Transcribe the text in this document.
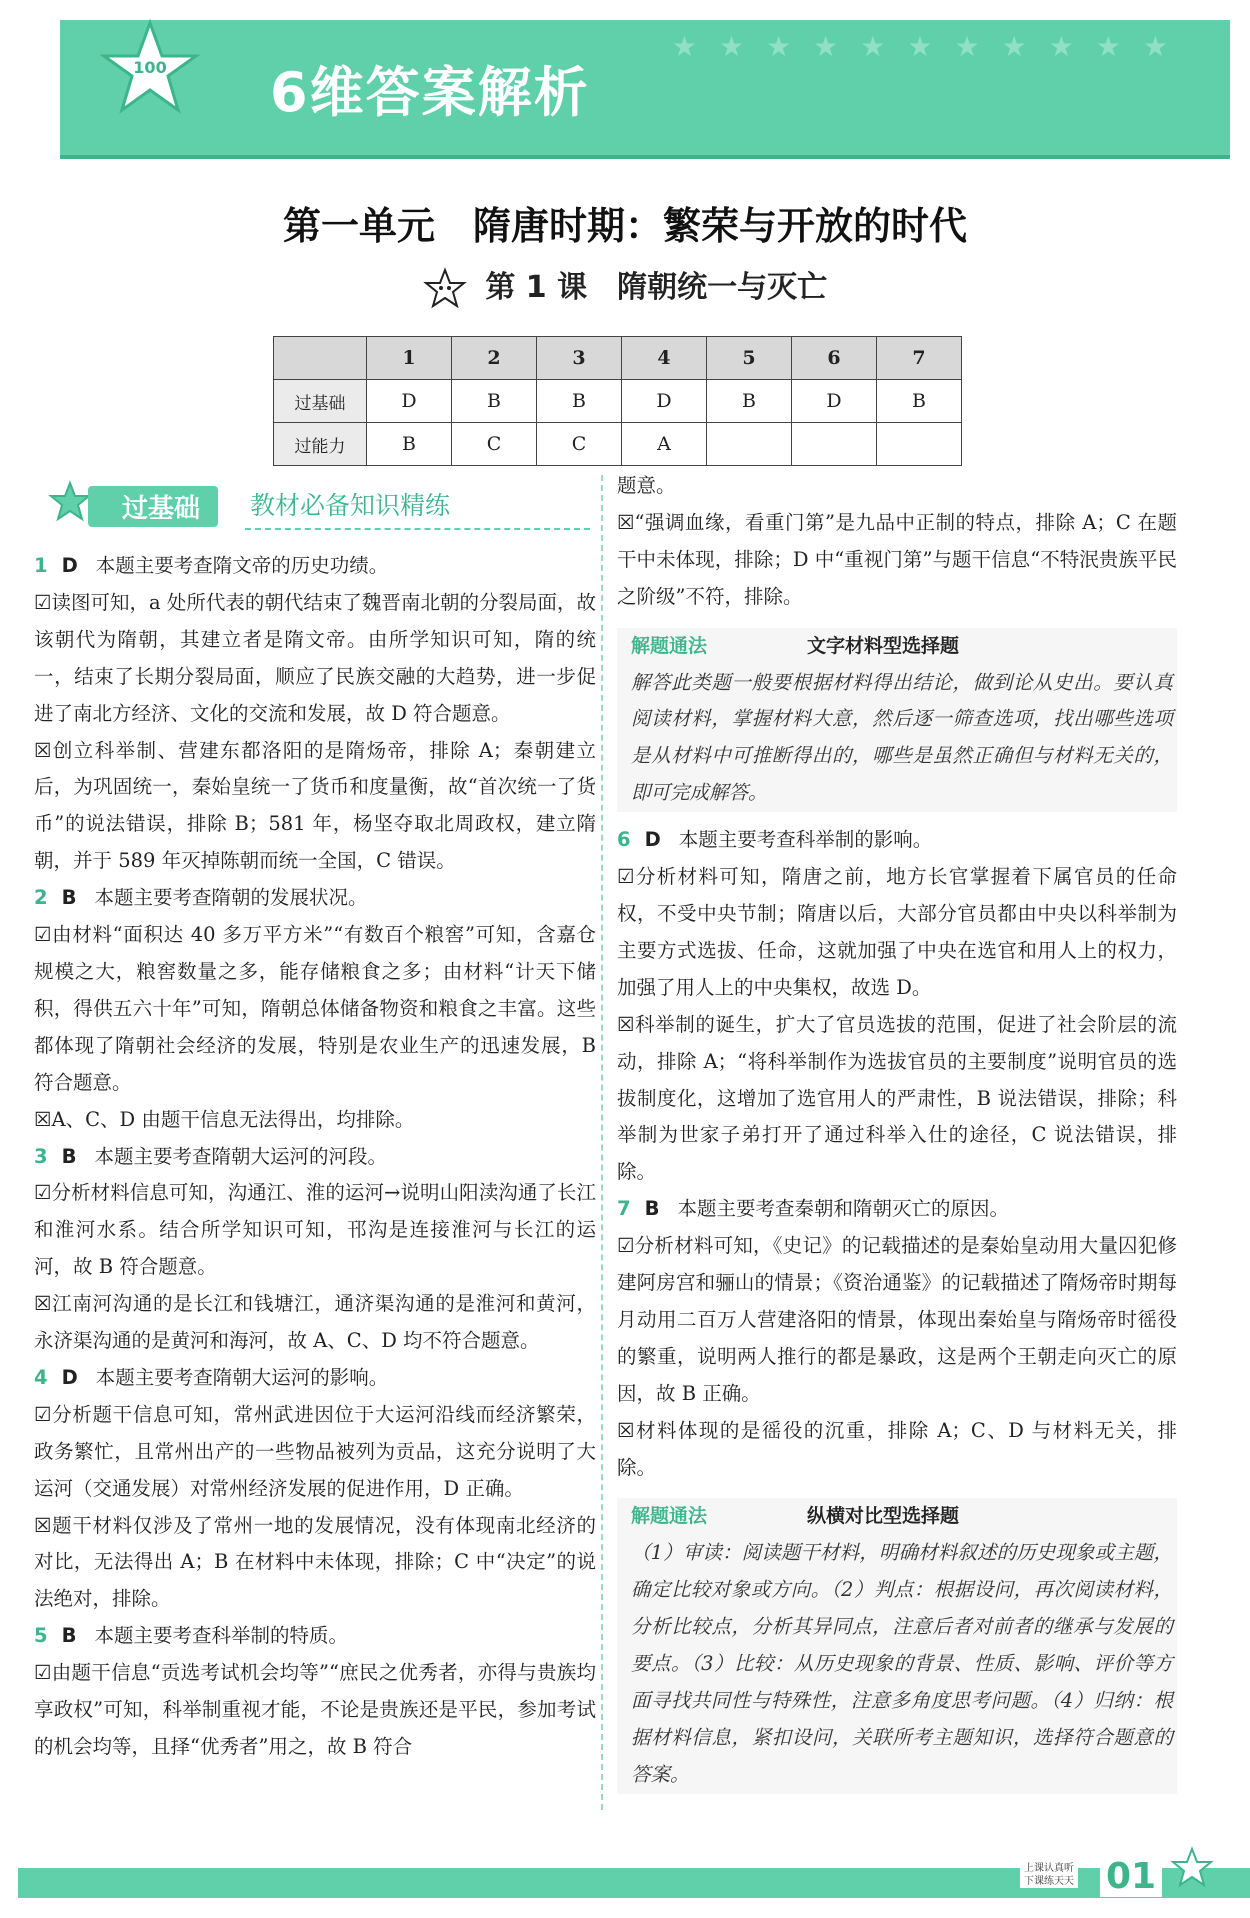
★★★★★★★★★★★
100 6维答案解析
第一单元　隋唐时期：繁荣与开放的时代
第 1 课　隋朝统一与灭亡
	1	2	3	4	5	6	7
过基础	D	B	B	D	B	D	B
过能力	B	C	C	A			
过基础	教材必备知识精练

1 D 本题主要考查隋文帝的历史功绩。

☑读图可知，a 处所代表的朝代结束了魏晋南北朝的分裂局面，故该朝代为隋朝，其建立者是隋文帝。由所学知识可知，隋的统一，结束了长期分裂局面，顺应了民族交融的大趋势，进一步促进了南北方经济、文化的交流和发展，故 D 符合题意。

☒创立科举制、营建东都洛阳的是隋炀帝，排除 A；秦朝建立后，为巩固统一，秦始皇统一了货币和度量衡，故“首次统一了货币”的说法错误，排除 B；581 年，杨坚夺取北周政权，建立隋朝，并于 589 年灭掉陈朝而统一全国，C 错误。

2 B 本题主要考查隋朝的发展状况。

☑由材料“面积达 40 多万平方米”“有数百个粮窖”可知，含嘉仓规模之大，粮窖数量之多，能存储粮食之多；由材料“计天下储积，得供五六十年”可知，隋朝总体储备物资和粮食之丰富。这些都体现了隋朝社会经济的发展，特别是农业生产的迅速发展，B 符合题意。

☒A、C、D 由题干信息无法得出，均排除。

3 B 本题主要考查隋朝大运河的河段。

☑分析材料信息可知，沟通江、淮的运河→说明山阳渎沟通了长江和淮河水系。结合所学知识可知，邗沟是连接淮河与长江的运河，故 B 符合题意。

☒江南河沟通的是长江和钱塘江，通济渠沟通的是淮河和黄河，永济渠沟通的是黄河和海河，故 A、C、D 均不符合题意。

4 D 本题主要考查隋朝大运河的影响。

☑分析题干信息可知，常州武进因位于大运河沿线而经济繁荣，政务繁忙，且常州出产的一些物品被列为贡品，这充分说明了大运河（交通发展）对常州经济发展的促进作用，D 正确。

☒题干材料仅涉及了常州一地的发展情况，没有体现南北经济的对比，无法得出 A；B 在材料中未体现，排除；C 中“决定”的说法绝对，排除。

5 B 本题主要考查科举制的特质。

☑由题干信息“贡选考试机会均等”“庶民之优秀者，亦得与贵族均享政权”可知，科举制重视才能，不论是贵族还是平民，参加考试的机会均等，且择“优秀者”用之，故 B 符合

题意。

☒“强调血缘，看重门第”是九品中正制的特点，排除 A；C 在题干中未体现，排除；D 中“重视门第”与题干信息“不特泯贵族平民之阶级”不符，排除。

解题通法	文字材料型选择题
解答此类题一般要根据材料得出结论，做到论从史出。要认真阅读材料，掌握材料大意，然后逐一筛查选项，找出哪些选项是从材料中可推断得出的，哪些是虽然正确但与材料无关的，即可完成解答。

6 D 本题主要考查科举制的影响。

☑分析材料可知，隋唐之前，地方长官掌握着下属官员的任命权，不受中央节制；隋唐以后，大部分官员都由中央以科举制为主要方式选拔、任命，这就加强了中央在选官和用人上的权力，加强了用人上的中央集权，故选 D。

☒科举制的诞生，扩大了官员选拔的范围，促进了社会阶层的流动，排除 A；“将科举制作为选拔官员的主要制度”说明官员的选拔制度化，这增加了选官用人的严肃性，B 说法错误，排除；科举制为世家子弟打开了通过科举入仕的途径，C 说法错误，排除。

7 B 本题主要考查秦朝和隋朝灭亡的原因。

☑分析材料可知，《史记》的记载描述的是秦始皇动用大量囚犯修建阿房宫和骊山的情景；《资治通鉴》的记载描述了隋炀帝时期每月动用二百万人营建洛阳的情景，体现出秦始皇与隋炀帝时徭役的繁重，说明两人推行的都是暴政，这是两个王朝走向灭亡的原因，故 B 正确。

☒材料体现的是徭役的沉重，排除 A；C、D 与材料无关，排除。

解题通法	纵横对比型选择题
（1）审读：阅读题干材料，明确材料叙述的历史现象或主题，确定比较对象或方向。（2）判点：根据设问，再次阅读材料，分析比较点，分析其异同点，注意后者对前者的继承与发展的要点。（3）比较：从历史现象的背景、性质、影响、评价等方面寻找共同性与特殊性，注意多角度思考问题。（4）归纳：根据材料信息，紧扣设问，关联所考主题知识，选择符合题意的答案。
上课认真听
下课练天天 01
